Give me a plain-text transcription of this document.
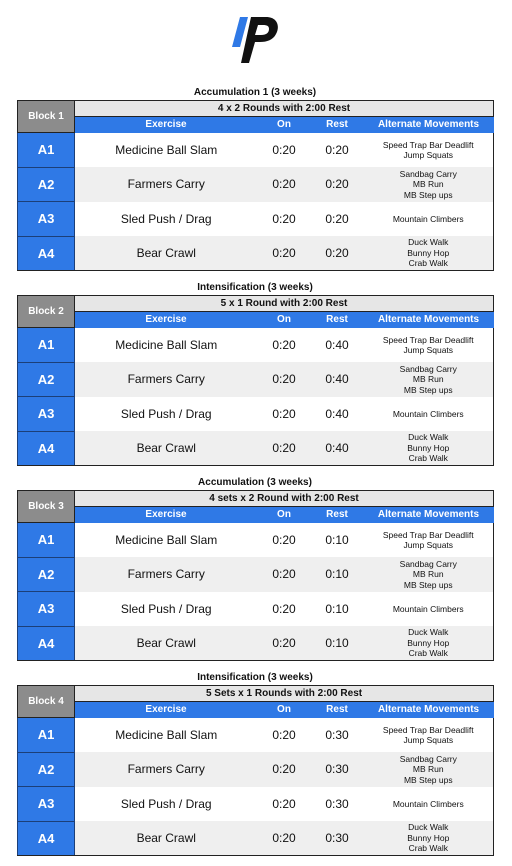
Accumulation 1 (3 weeks)
Block 1	4 x 2 Rounds with 2:00 Rest			
	Exercise	On	Rest	Alternate Movements
A1	Medicine Ball Slam	0:20	0:20	Speed Trap Bar Deadlift
Jump Squats

A2	Farmers Carry	0:20	0:20	Sandbag Carry
MB Run
MB Step ups

A3	Sled Push / Drag	0:20	0:20	Mountain Climbers

A4	Bear Crawl	0:20	0:20	Duck Walk
Bunny Hop
Crab Walk
Intensification (3 weeks)
Block 2	5 x 1 Round with 2:00 Rest			
	Exercise	On	Rest	Alternate Movements
A1	Medicine Ball Slam	0:20	0:40	Speed Trap Bar Deadlift
Jump Squats

A2	Farmers Carry	0:20	0:40	Sandbag Carry
MB Run
MB Step ups

A3	Sled Push / Drag	0:20	0:40	Mountain Climbers

A4	Bear Crawl	0:20	0:40	Duck Walk
Bunny Hop
Crab Walk
Accumulation (3 weeks)
Block 3	4 sets x 2 Round with 2:00 Rest			
	Exercise	On	Rest	Alternate Movements
A1	Medicine Ball Slam	0:20	0:10	Speed Trap Bar Deadlift
Jump Squats

A2	Farmers Carry	0:20	0:10	Sandbag Carry
MB Run
MB Step ups

A3	Sled Push / Drag	0:20	0:10	Mountain Climbers

A4	Bear Crawl	0:20	0:10	Duck Walk
Bunny Hop
Crab Walk
Intensification (3 weeks)
Block 4	5 Sets x 1 Rounds with 2:00 Rest			
	Exercise	On	Rest	Alternate Movements
A1	Medicine Ball Slam	0:20	0:30	Speed Trap Bar Deadlift
Jump Squats

A2	Farmers Carry	0:20	0:30	Sandbag Carry
MB Run
MB Step ups

A3	Sled Push / Drag	0:20	0:30	Mountain Climbers

A4	Bear Crawl	0:20	0:30	Duck Walk
Bunny Hop
Crab Walk
